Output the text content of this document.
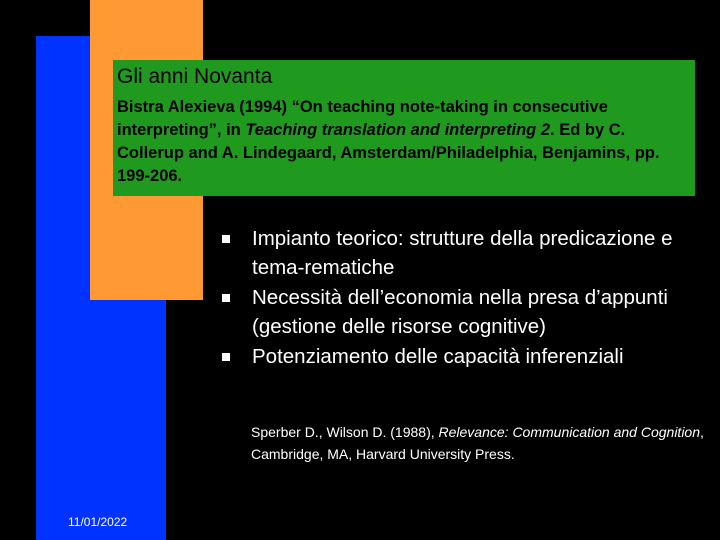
Gli anni Novanta
Bistra Alexieva (1994) “On teaching note-taking in consecutive interpreting”, in Teaching translation and interpreting 2. Ed by C. Collerup and A. Lindegaard, Amsterdam/Philadelphia, Benjamins, pp. 199-206.
Impianto teorico: strutture della predicazione e tema-rematiche
Necessità dell’economia nella presa d’appunti (gestione delle risorse cognitive)
Potenziamento delle capacità inferenziali
Sperber D., Wilson D. (1988), Relevance: Communication and Cognition, Cambridge, MA, Harvard University Press.
11/01/2022
